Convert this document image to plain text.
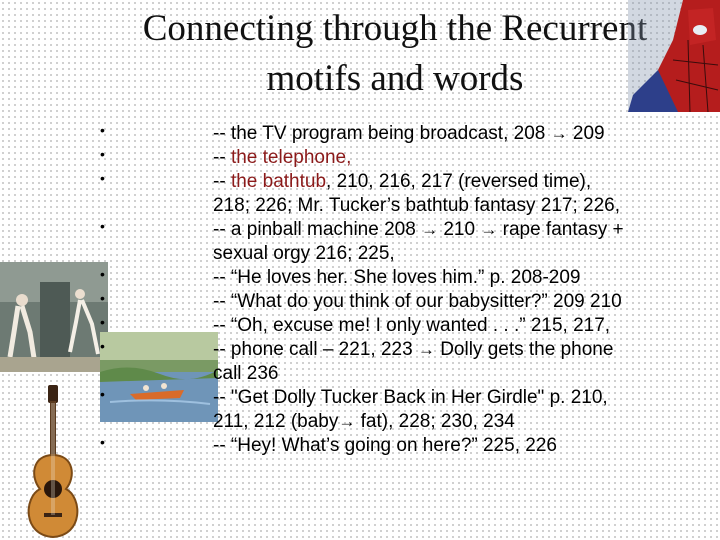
Connecting through the Recurrent
motifs and words
•
•
•
•
•
•
•
•
•
•
-- the TV program being broadcast, 208 → 209
-- the telephone,
-- the bathtub, 210, 216, 217 (reversed time),
218; 226; Mr. Tucker’s bathtub fantasy 217; 226,
-- a pinball machine 208 → 210 → rape fantasy +
sexual orgy 216; 225,
-- “He loves her. She loves him.” p. 208-209
-- “What do you think of our babysitter?” 209 210
-- “Oh, excuse me! I only wanted . . .” 215, 217,
-- phone call – 221, 223 → Dolly gets the phone
call 236
-- "Get Dolly Tucker Back in Her Girdle" p. 210,
211, 212 (baby→ fat), 228; 230, 234
-- “Hey! What’s going on here?” 225, 226
